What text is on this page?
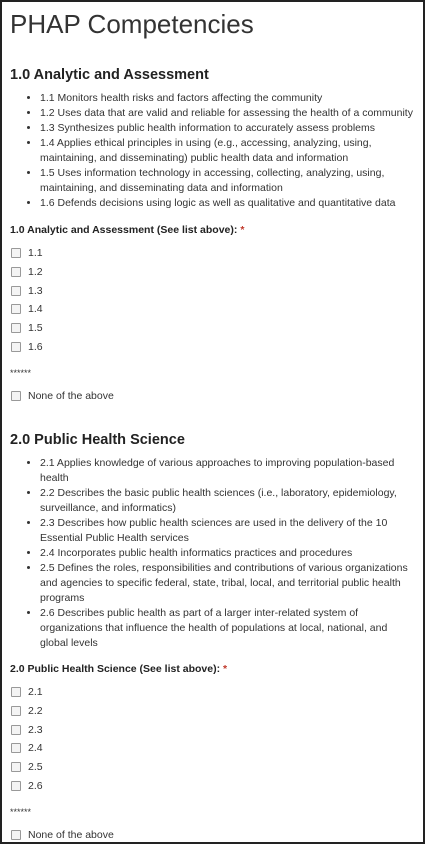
PHAP Competencies
1.0 Analytic and Assessment
• 1.1 Monitors health risks and factors affecting the community
• 1.2 Uses data that are valid and reliable for assessing the health of a community
• 1.3 Synthesizes public health information to accurately assess problems
• 1.4 Applies ethical principles in using (e.g., accessing, analyzing, using, maintaining, and disseminating) public health data and information
• 1.5 Uses information technology in accessing, collecting, analyzing, using, maintaining, and disseminating data and information
• 1.6 Defends decisions using logic as well as qualitative and quantitative data

1.0 Analytic and Assessment (See list above): *

1.1
1.2
1.3
1.4
1.5
1.6
******
None of the above
2.0 Public Health Science
• 2.1 Applies knowledge of various approaches to improving population-based health
• 2.2 Describes the basic public health sciences (i.e., laboratory, epidemiology, surveillance, and informatics)
• 2.3 Describes how public health sciences are used in the delivery of the 10 Essential Public Health services
• 2.4 Incorporates public health informatics practices and procedures
• 2.5 Defines the roles, responsibilities and contributions of various organizations and agencies to specific federal, state, tribal, local, and territorial public health programs
• 2.6 Describes public health as part of a larger inter-related system of organizations that influence the health of populations at local, national, and global levels

2.0 Public Health Science (See list above): *

2.1
2.2
2.3
2.4
2.5
2.6
******
None of the above
